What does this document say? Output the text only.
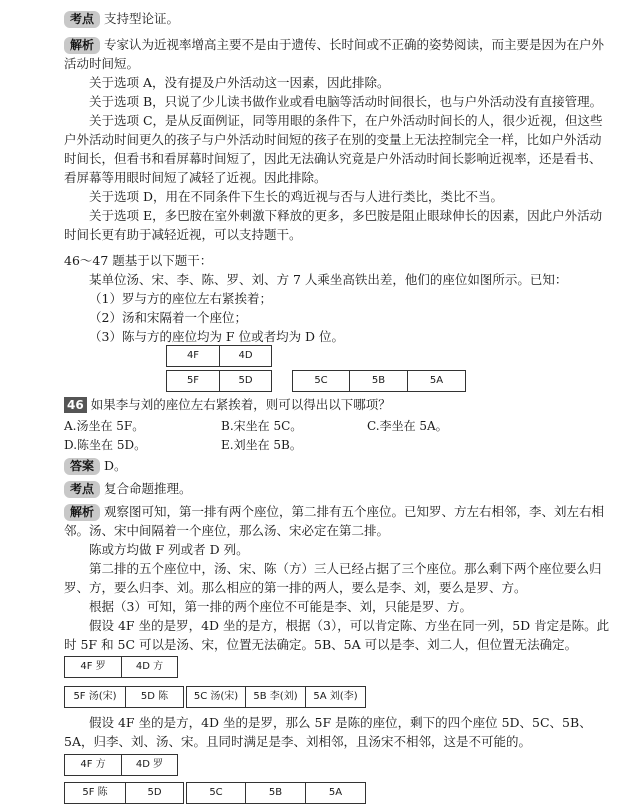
考点 支持型论证。

解析 专家认为近视率增高主要不是由于遗传、长时间或不正确的姿势阅读，而主要是因为在户外活动时间短。

关于选项 A，没有提及户外活动这一因素，因此排除。

关于选项 B，只说了少儿读书做作业或看电脑等活动时间很长，也与户外活动没有直接管理。

关于选项 C，是从反面例证，同等用眼的条件下，在户外活动时间长的人，很少近视，但这些户外活动时间更久的孩子与户外活动时间短的孩子在别的变量上无法控制完全一样，比如户外活动时间长，但看书和看屏幕时间短了，因此无法确认究竟是户外活动时间长影响近视率，还是看书、看屏幕等用眼时间短了减轻了近视。因此排除。

关于选项 D，用在不同条件下生长的鸡近视与否与人进行类比，类比不当。

关于选项 E，多巴胺在室外刺激下释放的更多，多巴胺是阻止眼球伸长的因素，因此户外活动时间长更有助于减轻近视，可以支持题干。

46～47 题基于以下题干：

某单位汤、宋、李、陈、罗、刘、方 7 人乘坐高铁出差，他们的座位如图所示。已知：

（1）罗与方的座位左右紧挨着；

（2）汤和宋隔着一个座位；

（3）陈与方的座位均为 F 位或者均为 D 位。

4F	4D
5F	5D	5C	5B	5A

46 如果李与刘的座位左右紧挨着，则可以得出以下哪项？

A.汤坐在 5F。	B.宋坐在 5C。	C.李坐在 5A。
D.陈坐在 5D。	E.刘坐在 5B。

答案 D。

考点 复合命题推理。

解析 观察图可知，第一排有两个座位，第二排有五个座位。已知罗、方左右相邻，李、刘左右相邻。汤、宋中间隔着一个座位，那么汤、宋必定在第二排。

陈或方均做 F 列或者 D 列。

第二排的五个座位中，汤、宋、陈（方）三人已经占据了三个座位。那么剩下两个座位要么归罗、方，要么归李、刘。那么相应的第一排的两人，要么是李、刘，要么是罗、方。

根据（3）可知，第一排的两个座位不可能是李、刘，只能是罗、方。

假设 4F 坐的是罗，4D 坐的是方，根据（3），可以肯定陈、方坐在同一列，5D 肯定是陈。此时 5F 和 5C 可以是汤、宋，位置无法确定。5B、5A 可以是李、刘二人，但位置无法确定。

4F 罗	4D 方
5F 汤(宋)	5D 陈	5C 汤(宋)	5B 李(刘)	5A 刘(李)

假设 4F 坐的是方，4D 坐的是罗，那么 5F 是陈的座位，剩下的四个座位 5D、5C、5B、5A，归李、刘、汤、宋。且同时满足是李、刘相邻，且汤宋不相邻，这是不可能的。

4F 方	4D 罗
5F 陈	5D	5C	5B	5A
